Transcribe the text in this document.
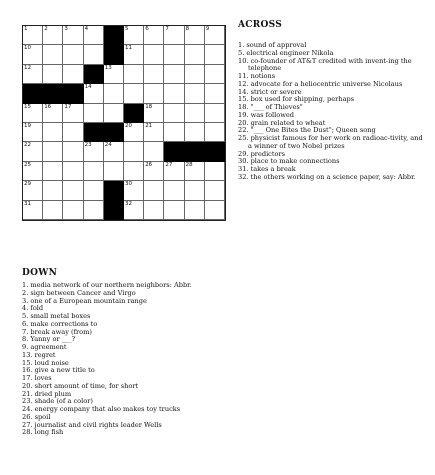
1	2	3	4	5	6	7	8	9
10	11
12	13
14
15 16 17	18
19	20 21
22	23 24
25	26 27 28
29	30
31	32
ACROSS
1. sound of approval
5. electrical engineer Nikola
10. co-founder of AT&T credited with invent-ing the telephone
11. notions
12. advocate for a heliocentric universe Nicolaus
14. strict or severe
15. box used for shipping, perhaps
18. "___ of Thieves"
19. was followed
20. grain related to wheat
22. "___ One Bites the Dust"; Queen song
25. physicist famous for her work on radioac-tivity, and a winner of two Nobel prizes
29. predictors
30. place to make connections
31. takes a break
32. the others working on a science paper, say: Abbr.
DOWN
1. media network of our northern neighbors: Abbr.
2. sign between Cancer and Virgo
3. one of a European mountain range
4. fold
5. small metal boxes
6. make corrections to
7. break away (from)
8. Yanny or ___?
9. agreement
13. regret
15. loud noise
16. give a new title to
17. loves
20. short amount of time, for short
21. dried plum
23. shade (of a color)
24. energy company that also makes toy trucks
26. spoil
27. journalist and civil rights leader Wells
28. long fish
